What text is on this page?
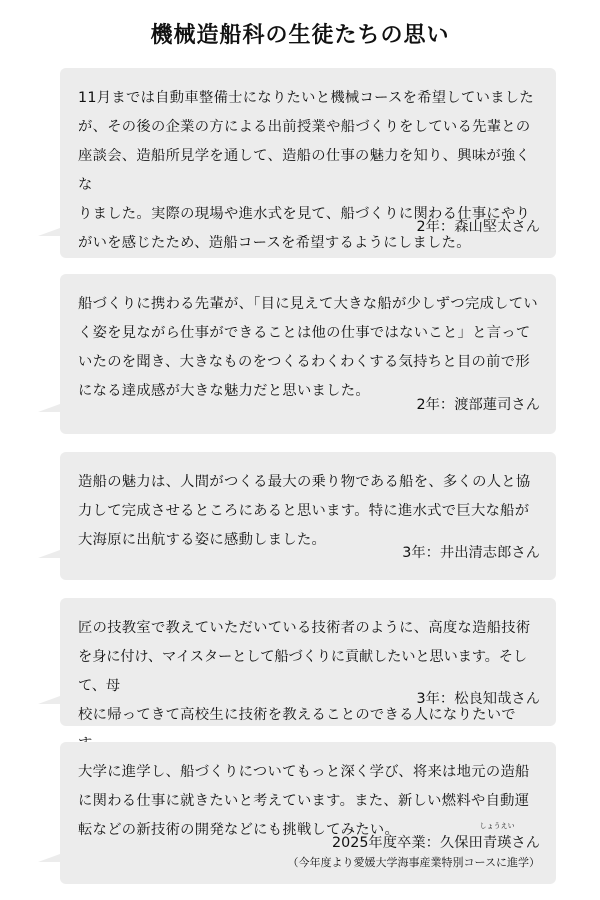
機械造船科の生徒たちの思い

11月までは自動車整備士になりたいと機械コースを希望していました
が、その後の企業の方による出前授業や船づくりをしている先輩との
座談会、造船所見学を通して、造船の仕事の魅力を知り、興味が強くな
りました。実際の現場や進水式を見て、船づくりに関わる仕事にやり
がいを感じたため、造船コースを希望するようにしました。

2年：森山堅太さん

船づくりに携わる先輩が、「目に見えて大きな船が少しずつ完成してい
く姿を見ながら仕事ができることは他の仕事ではないこと」と言って
いたのを聞き、大きなものをつくるわくわくする気持ちと目の前で形
になる達成感が大きな魅力だと思いました。

2年：渡部蓮司さん

造船の魅力は、人間がつくる最大の乗り物である船を、多くの人と協
力して完成させるところにあると思います。特に進水式で巨大な船が
大海原に出航する姿に感動しました。

3年：井出清志郎さん

匠の技教室で教えていただいている技術者のように、高度な造船技術
を身に付け、マイスターとして船づくりに貢献したいと思います。そして、母
校に帰ってきて高校生に技術を教えることのできる人になりたいで

3年：松良知哉さん

大学に進学し、船づくりについてもっと深く学び、将来は地元の造船
に関わる仕事に就きたいと考えています。また、新しい燃料や自動運
転などの新技術の開発などにも挑戦してみたい。

2025年度卒業：久保田
しょうえい
青瑛さん
（今年度より愛媛大学海事産業特別コースに進学）
